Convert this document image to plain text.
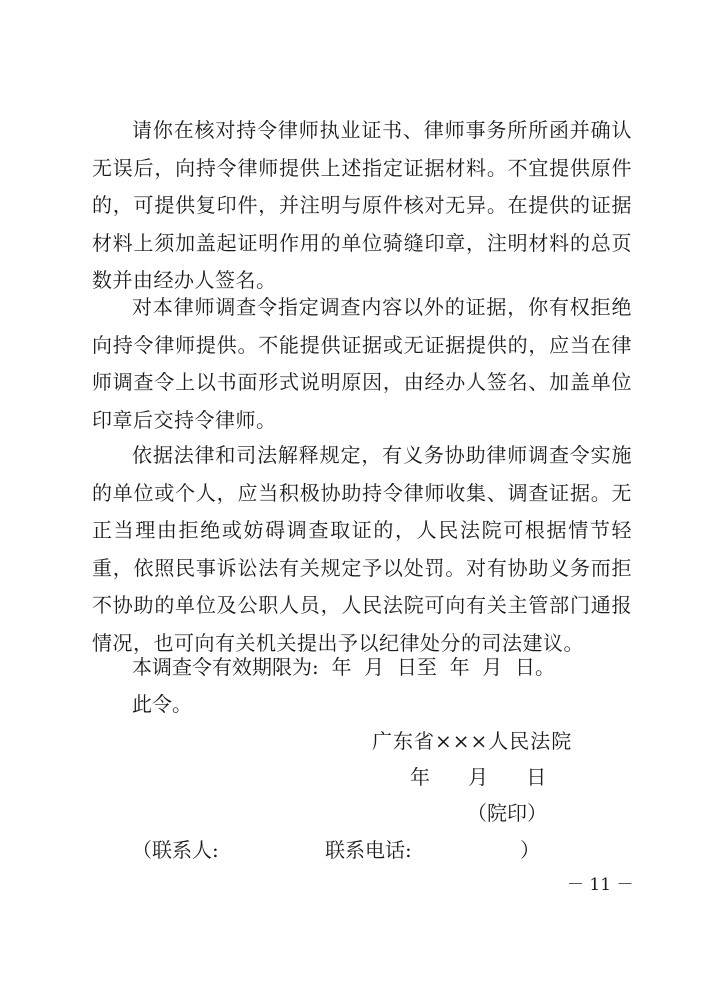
请你在核对持令律师执业证书、律师事务所所函并确认无误后，向持令律师提供上述指定证据材料。不宜提供原件的，可提供复印件，并注明与原件核对无异。在提供的证据材料上须加盖起证明作用的单位骑缝印章，注明材料的总页数并由经办人签名。

对本律师调查令指定调查内容以外的证据，你有权拒绝向持令律师提供。不能提供证据或无证据提供的，应当在律师调查令上以书面形式说明原因，由经办人签名、加盖单位印章后交持令律师。

依据法律和司法解释规定，有义务协助律师调查令实施的单位或个人，应当积极协助持令律师收集、调查证据。无正当理由拒绝或妨碍调查取证的，人民法院可根据情节轻重，依照民事诉讼法有关规定予以处罚。对有协助义务而拒不协助的单位及公职人员，人民法院可向有关主管部门通报情况，也可向有关机关提出予以纪律处分的司法建议。

本调查令有效期限为:  年  月  日至  年  月  日。

此令。

广东省×××人民法院

年      月      日

（院印）

（联系人:	联系电话:	）

－ 11 －
